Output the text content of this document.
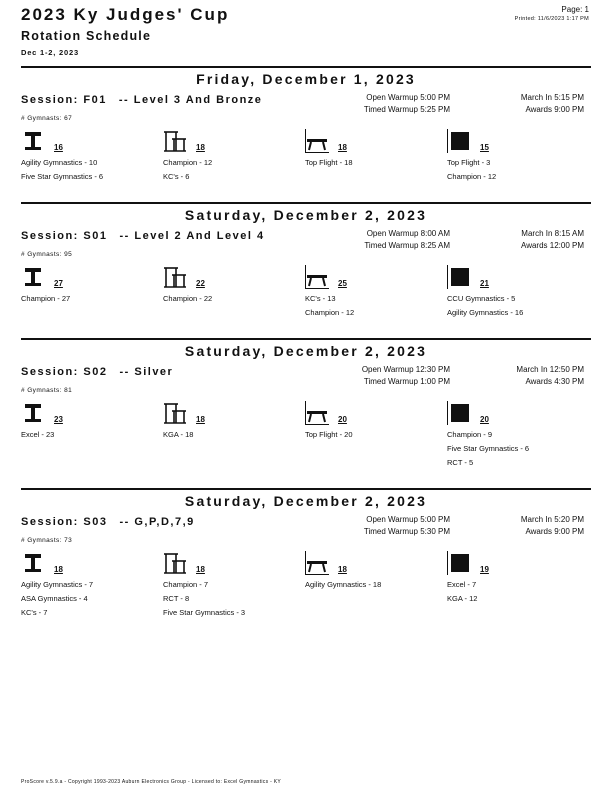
2023 Ky Judges' Cup
Rotation Schedule
Dec 1-2, 2023
Page: 1
Printed: 11/6/2023 1:17 PM
Friday, December 1, 2023
Session: F01 -- Level 3 And Bronze	Open Warmup 5:00 PM
Timed Warmup 5:25 PM
March In 5:15 PM
Awards 9:00 PM
# Gymnasts: 67
16
Agility Gymnastics - 10
Five Star Gymnastics - 6
18
Champion - 12
KC's - 6
18
Top Flight - 18
15
Top Flight - 3
Champion - 12
Saturday, December 2, 2023
Session: S01 -- Level 2 And Level 4	Open Warmup 8:00 AM
Timed Warmup 8:25 AM
March In 8:15 AM
Awards 12:00 PM
# Gymnasts: 95
27
Champion - 27
22
Champion - 22
25
KC's - 13
Champion - 12
21
CCU Gymnastics - 5
Agility Gymnastics - 16
Saturday, December 2, 2023
Session: S02 -- Silver	Open Warmup 12:30 PM
Timed Warmup 1:00 PM
March In 12:50 PM
Awards 4:30 PM
# Gymnasts: 81
23
Excel - 23
18
KGA - 18
20
Top Flight - 20
20
Champion - 9
Five Star Gymnastics - 6
RCT - 5
Saturday, December 2, 2023
Session: S03 -- G,P,D,7,9	Open Warmup 5:00 PM
Timed Warmup 5:30 PM
March In 5:20 PM
Awards 9:00 PM
# Gymnasts: 73
18
Agility Gymnastics - 7
ASA Gymnastics - 4
KC's - 7
18
Champion - 7
RCT - 8
Five Star Gymnastics - 3
18
Agility Gymnastics - 18
19
Excel - 7
KGA - 12
ProScore v.5.9.a - Copyright 1993-2023 Auburn Electronics Group - Licensed to: Excel Gymnastics - KY
